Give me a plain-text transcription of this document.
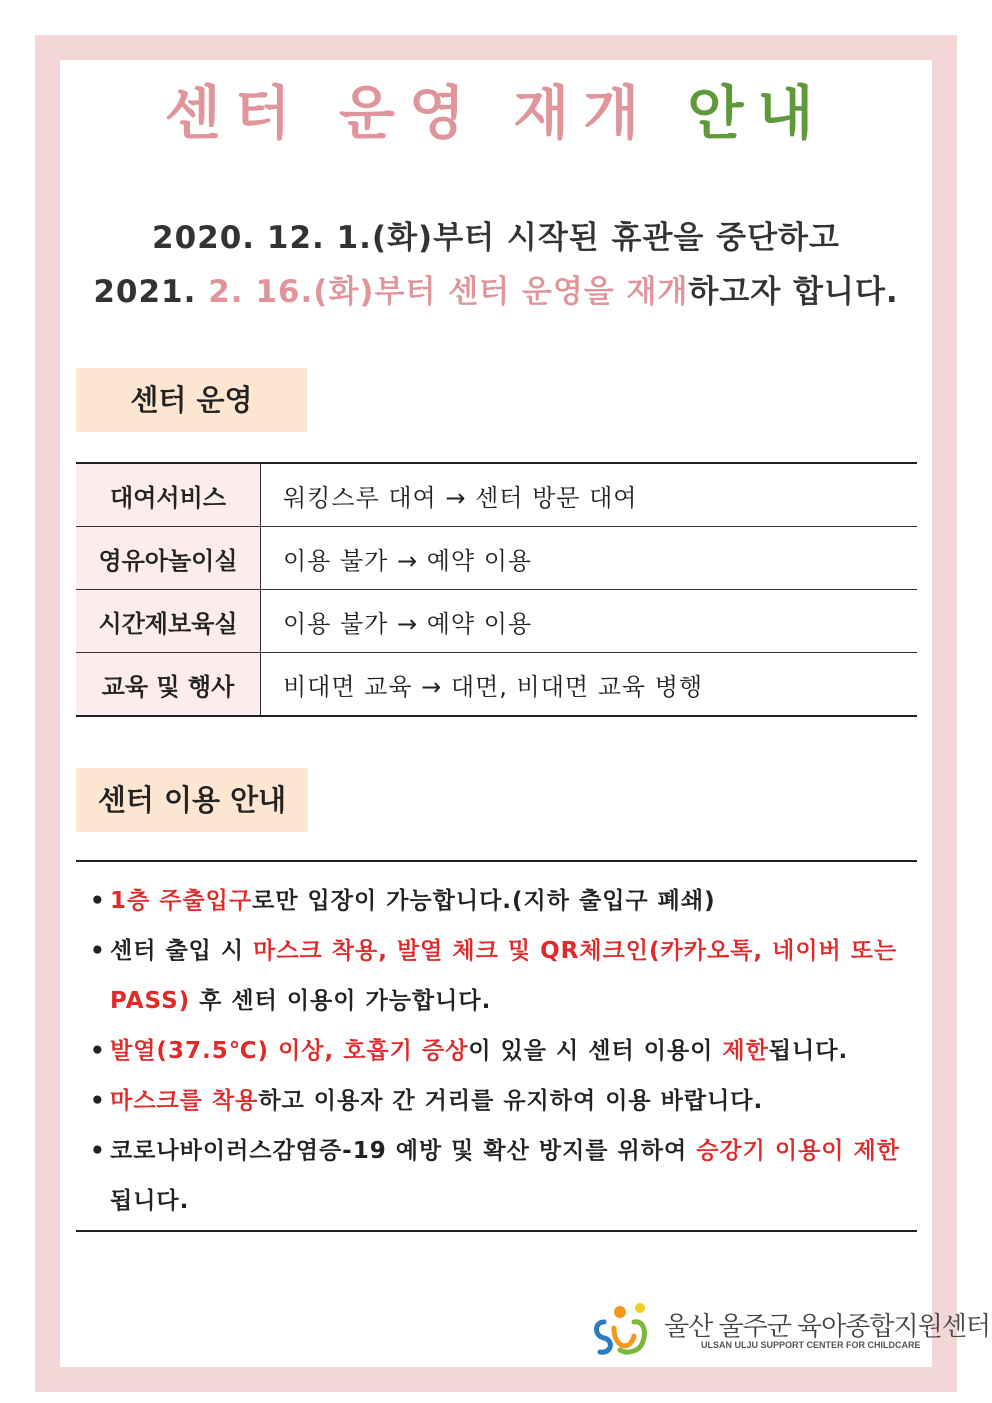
센터 운영 재개 안내
2020. 12. 1.(화)부터 시작된 휴관을 중단하고
2021. 2. 16.(화)부터 센터 운영을 재개하고자 합니다.
센터 운영
대여서비스	워킹스루 대여 → 센터 방문 대여
영유아놀이실	이용 불가 → 예약 이용
시간제보육실	이용 불가 → 예약 이용
교육 및 행사	비대면 교육 → 대면, 비대면 교육 병행
센터 이용 안내
• 1층 주출입구로만 입장이 가능합니다.(지하 출입구 폐쇄)
• 센터 출입 시 마스크 착용, 발열 체크 및 QR체크인(카카오톡, 네이버 또는 PASS) 후 센터 이용이 가능합니다.
• 발열(37.5℃) 이상, 호흡기 증상이 있을 시 센터 이용이 제한됩니다.
• 마스크를 착용하고 이용자 간 거리를 유지하여 이용 바랍니다.
• 코로나바이러스감염증-19 예방 및 확산 방지를 위하여 승강기 이용이 제한됩니다.
울산 울주군 육아종합지원센터
ULSAN ULJU SUPPORT CENTER FOR CHILDCARE
